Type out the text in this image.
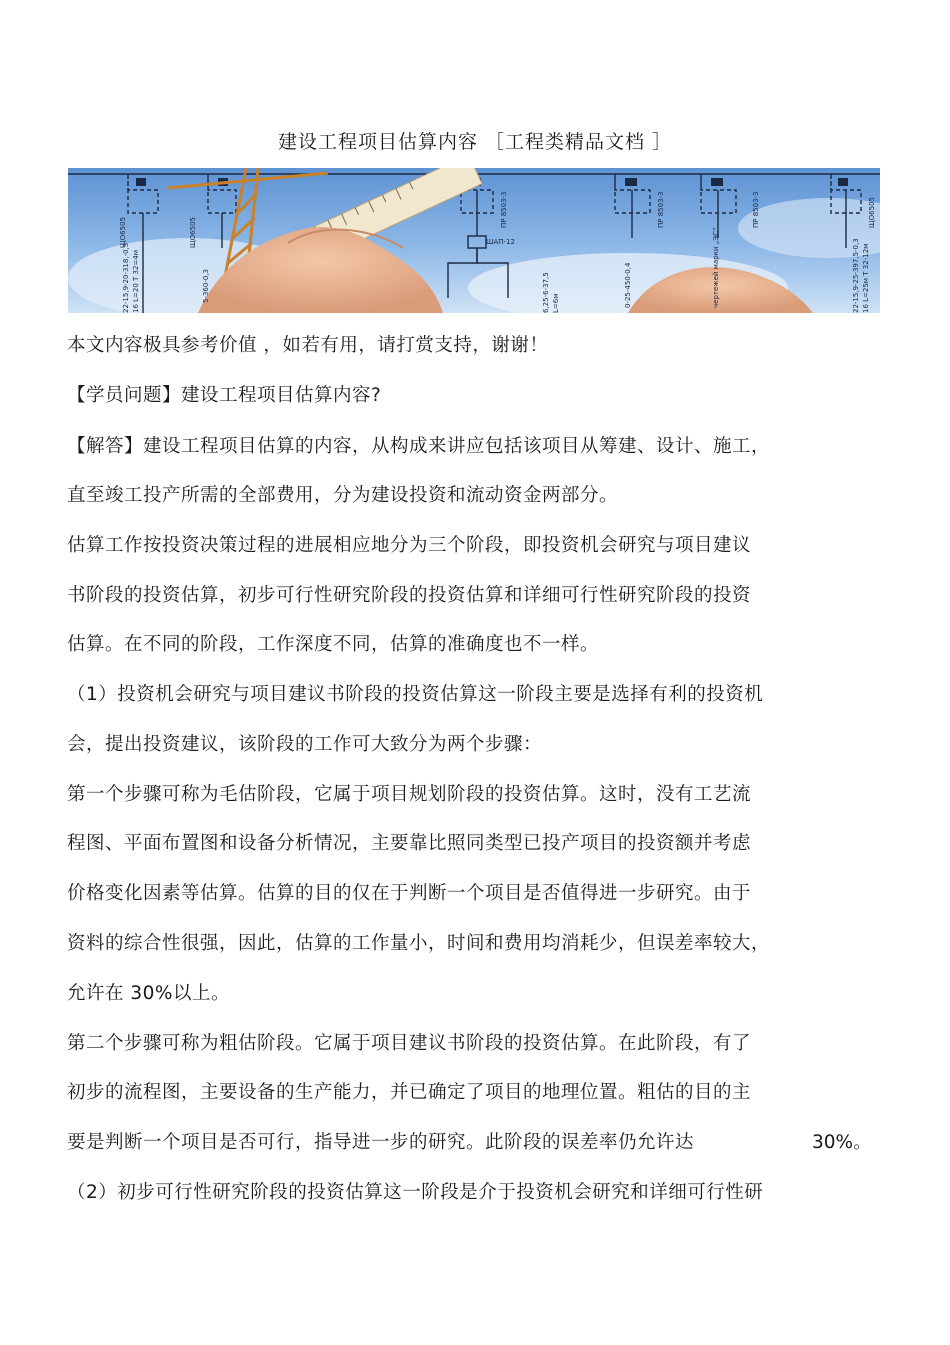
建设工程项目估算内容 ［工程类精品文档 ］
ЩО6505	ЩО6505
5-360-0,3
ПР 8503-3	ПР 8503-3	ПР 8503-3
ШАП-12
ЩО6505
22-15,9-20-318,-0,3 16 L=20 T 32=4м	0-25-450-0,4	22-15,9-25-397,5-0,3
6,25-6-37,5	чертежей марки „ЭС“	16 L=25м T 32-12м
L=6м
本文内容极具参考价值 ，如若有用，请打赏支持，谢谢！
【学员问题】建设工程项目估算内容?
【解答】建设工程项目估算的内容，从构成来讲应包括该项目从筹建、设计、施工，
直至竣工投产所需的全部费用，分为建设投资和流动资金两部分。
估算工作按投资决策过程的进展相应地分为三个阶段，即投资机会研究与项目建议
书阶段的投资估算，初步可行性研究阶段的投资估算和详细可行性研究阶段的投资
估算。在不同的阶段，工作深度不同，估算的准确度也不一样。
（1）投资机会研究与项目建议书阶段的投资估算这一阶段主要是选择有利的投资机
会，提出投资建议，该阶段的工作可大致分为两个步骤：
第一个步骤可称为毛估阶段，它属于项目规划阶段的投资估算。这时，没有工艺流
程图、平面布置图和设备分析情况，主要靠比照同类型已投产项目的投资额并考虑
价格变化因素等估算。估算的目的仅在于判断一个项目是否值得进一步研究。由于
资料的综合性很强，因此，估算的工作量小，时间和费用均消耗少，但误差率较大，
允许在 30%以上。
第二个步骤可称为粗估阶段。它属于项目建议书阶段的投资估算。在此阶段，有了
初步的流程图，主要设备的生产能力，并已确定了项目的地理位置。粗估的目的主
要是判断一个项目是否可行，指导进一步的研究。此阶段的误差率仍允许达	30%。
（2）初步可行性研究阶段的投资估算这一阶段是介于投资机会研究和详细可行性研
